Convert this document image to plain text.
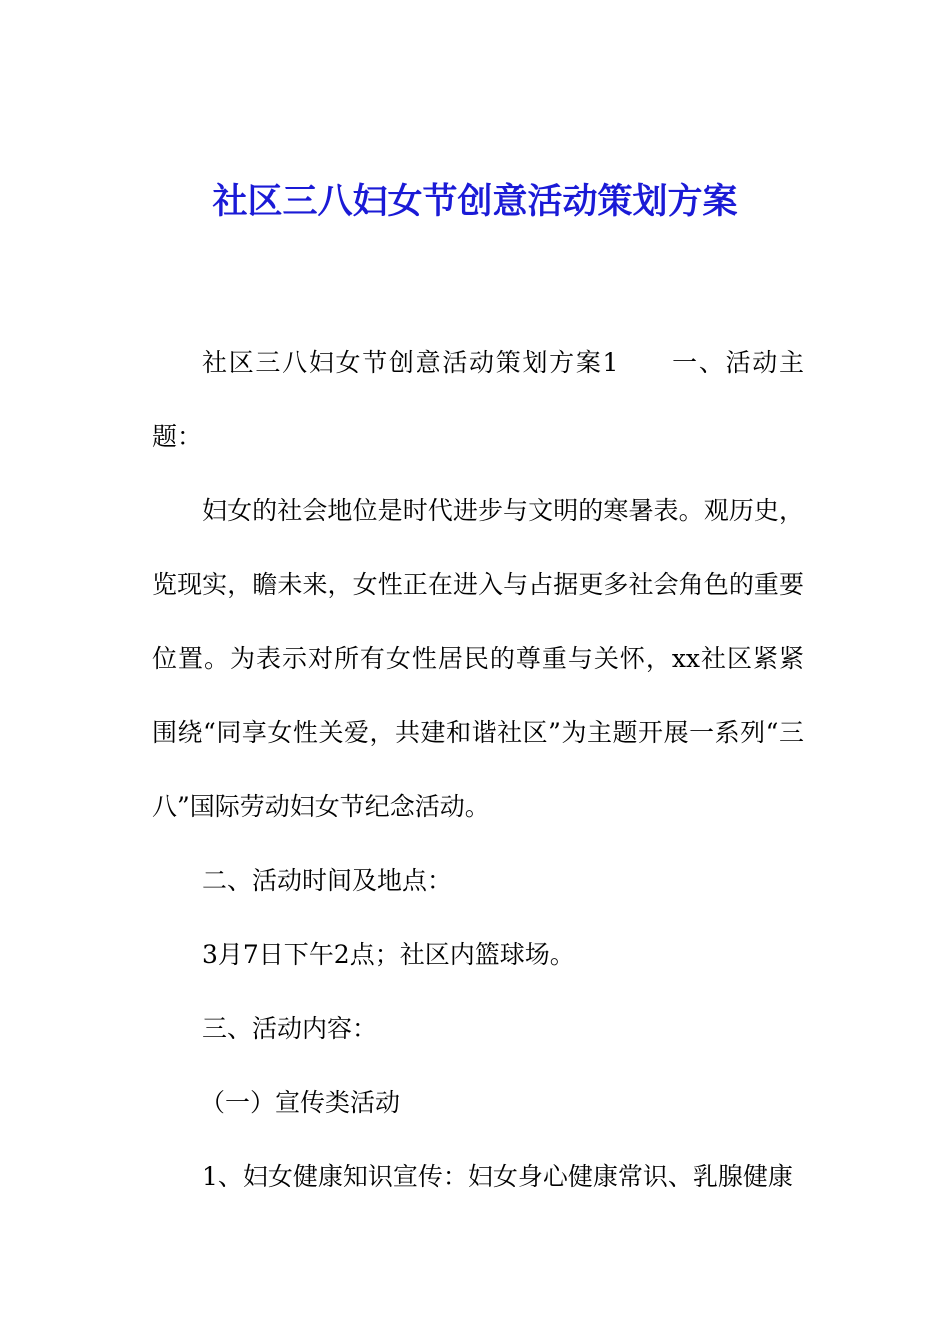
社区三八妇女节创意活动策划方案

社区三八妇女节创意活动策划方案1 一、活动主题：

妇女的社会地位是时代进步与文明的寒暑表。观历史，览现实，瞻未来，女性正在进入与占据更多社会角色的重要位置。为表示对所有女性居民的尊重与关怀，xx社区紧紧围绕“同享女性关爱，共建和谐社区”为主题开展一系列“三八”国际劳动妇女节纪念活动。

二、活动时间及地点：

3月7日下午2点；社区内篮球场。

三、活动内容：

（一）宣传类活动

1、妇女健康知识宣传：妇女身心健康常识、乳腺健康
